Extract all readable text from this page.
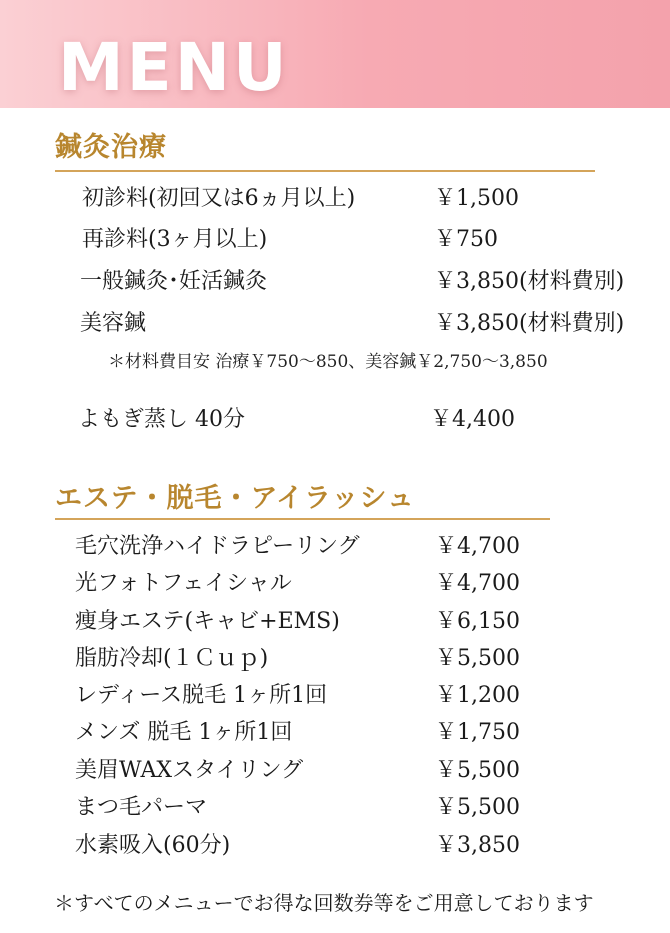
MENU
鍼灸治療
初診料(初回又は6ヵ月以上)	￥1,500
再診料(3ヶ月以上)	￥750
一般鍼灸･妊活鍼灸	￥3,850(材料費別)
美容鍼	￥3,850(材料費別)
＊材料費目安 治療￥750～850、美容鍼￥2,750～3,850
よもぎ蒸し 40分	￥4,400
エステ・脱毛・アイラッシュ
毛穴洗浄ハイドラピーリング	￥4,700
光フォトフェイシャル	￥4,700
痩身エステ(キャビ+EMS)	￥6,150
脂肪冷却(１Ｃｕｐ)	￥5,500
レディース脱毛 1ヶ所1回	￥1,200
メンズ 脱毛 1ヶ所1回	￥1,750
美眉WAXスタイリング	￥5,500
まつ毛パーマ	￥5,500
水素吸入(60分)	￥3,850
＊すべてのメニューでお得な回数券等をご用意しております
